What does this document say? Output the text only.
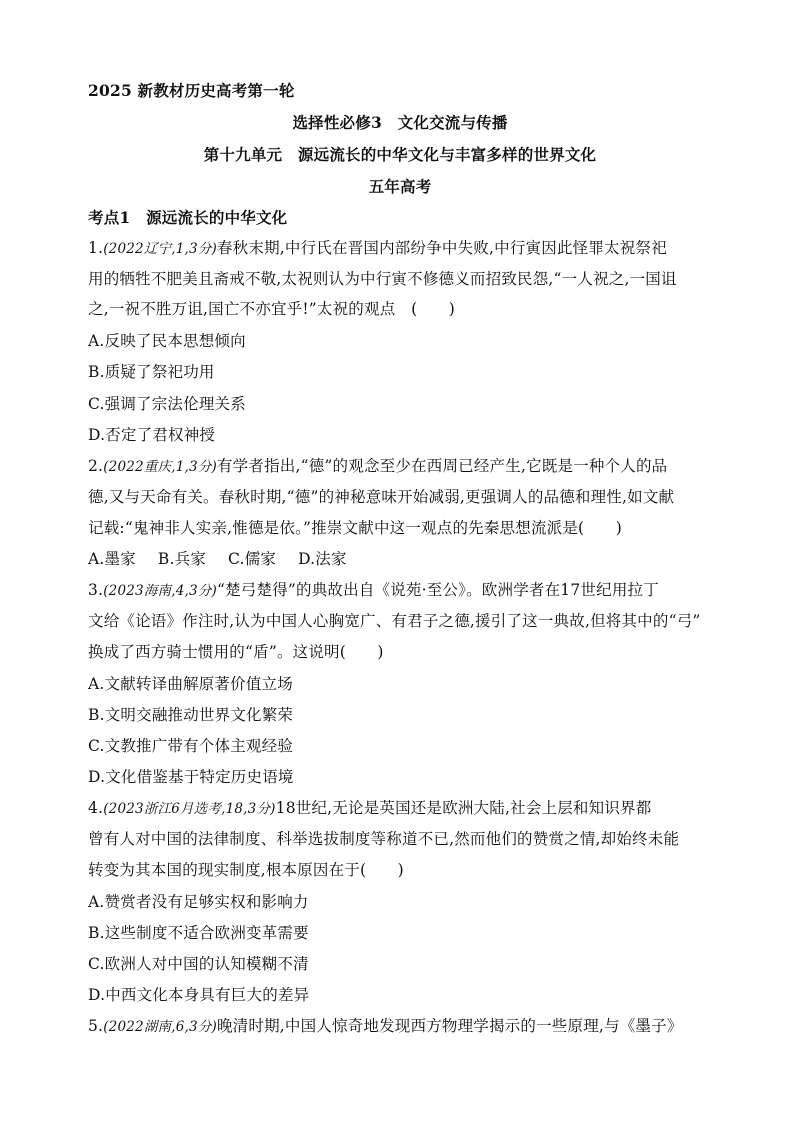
2025 新教材历史高考第一轮
选择性必修3　文化交流与传播
第十九单元　源远流长的中华文化与丰富多样的世界文化
五年高考
考点1　源远流长的中华文化
1.(2022辽宁,1,3分)春秋末期,中行氏在晋国内部纷争中失败,中行寅因此怪罪太祝祭祀
用的牺牲不肥美且斋戒不敬,太祝则认为中行寅不修德义而招致民怨,“一人祝之,一国诅
之,一祝不胜万诅,国亡不亦宜乎!”太祝的观点　(　　)
A.反映了民本思想倾向
B.质疑了祭祀功用
C.强调了宗法伦理关系
D.否定了君权神授
2.(2022重庆,1,3分)有学者指出,“德”的观念至少在西周已经产生,它既是一种个人的品
德,又与天命有关。春秋时期,“德”的神秘意味开始减弱,更强调人的品德和理性,如文献
记载:“鬼神非人实亲,惟德是依。”推崇文献中这一观点的先秦思想流派是(　　)
A.墨家 B.兵家 C.儒家 D.法家
3.(2023海南,4,3分)“楚弓楚得”的典故出自《说苑·至公》。欧洲学者在17世纪用拉丁
文给《论语》作注时,认为中国人心胸宽广、有君子之德,援引了这一典故,但将其中的“弓”
换成了西方骑士惯用的“盾”。这说明(　　)
A.文献转译曲解原著价值立场
B.文明交融推动世界文化繁荣
C.文教推广带有个体主观经验
D.文化借鉴基于特定历史语境
4.(2023浙江6月选考,18,3分)18世纪,无论是英国还是欧洲大陆,社会上层和知识界都
曾有人对中国的法律制度、科举选拔制度等称道不已,然而他们的赞赏之情,却始终未能
转变为其本国的现实制度,根本原因在于(　　)
A.赞赏者没有足够实权和影响力
B.这些制度不适合欧洲变革需要
C.欧洲人对中国的认知模糊不清
D.中西文化本身具有巨大的差异
5.(2022湖南,6,3分)晚清时期,中国人惊奇地发现西方物理学揭示的一些原理,与《墨子》
